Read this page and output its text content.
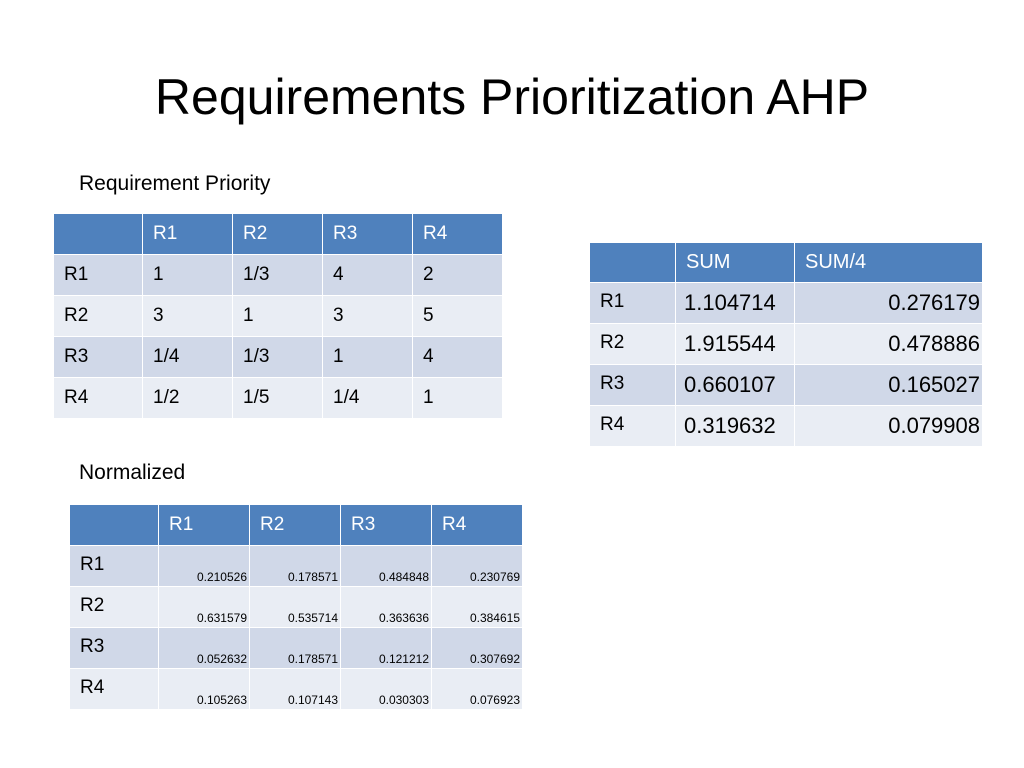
Requirements Prioritization AHP
Requirement Priority
	R1	R2	R3	R4
R1	1	1/3	4	2
R2	3	1	3	5
R3	1/4	1/3	1	4
R4	1/2	1/5	1/4	1
	SUM	SUM/4
R1	1.104714	0.276179
R2	1.915544	0.478886
R3	0.660107	0.165027
R4	0.319632	0.079908
Normalized
	R1	R2	R3	R4
R1	0.210526	0.178571	0.484848	0.230769
R2	0.631579	0.535714	0.363636	0.384615
R3	0.052632	0.178571	0.121212	0.307692
R4	0.105263	0.107143	0.030303	0.076923
